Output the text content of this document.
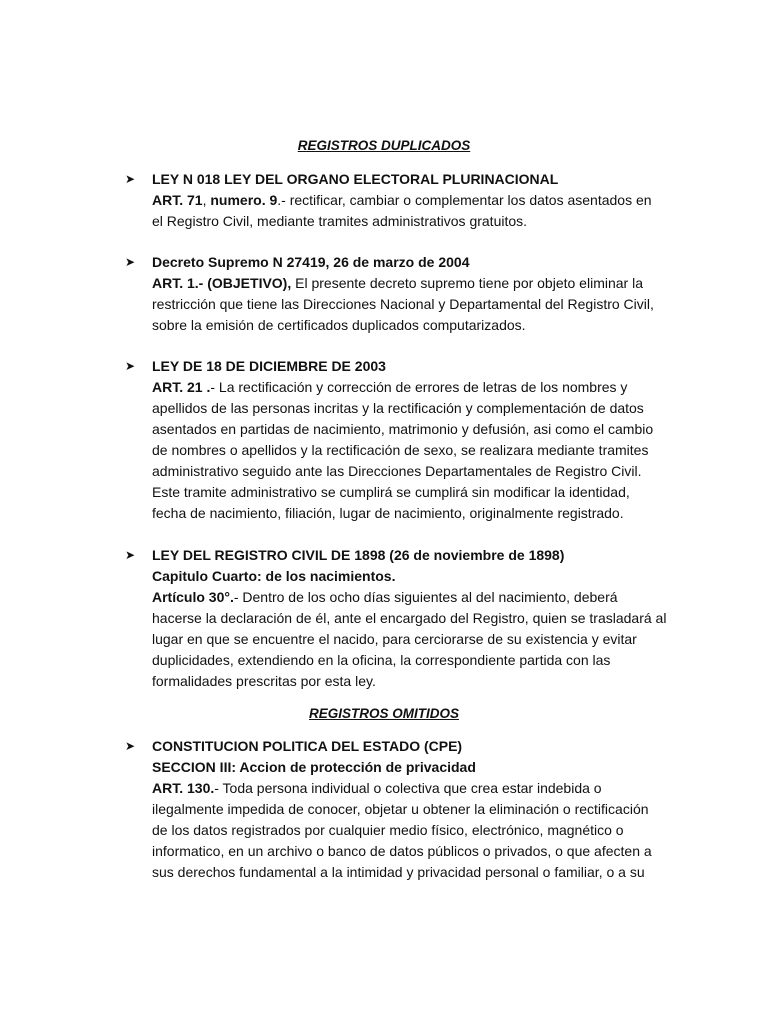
REGISTROS DUPLICADOS
➤ LEY N 018 LEY DEL ORGANO ELECTORAL PLURINACIONAL
ART. 71, numero. 9.- rectificar, cambiar o complementar los datos asentados en
el Registro Civil, mediante tramites administrativos gratuitos.
➤ Decreto Supremo N 27419, 26 de marzo de 2004
ART. 1.- (OBJETIVO), El presente decreto supremo tiene por objeto eliminar la
restricción que tiene las Direcciones Nacional y Departamental del Registro Civil,
sobre la emisión de certificados duplicados computarizados.
➤ LEY DE 18 DE DICIEMBRE DE 2003
ART. 21 .- La rectificación y corrección de errores de letras de los nombres y
apellidos de las personas incritas y la rectificación y complementación de datos
asentados en partidas de nacimiento, matrimonio y defusión, asi como el cambio
de nombres o apellidos y la rectificación de sexo, se realizara mediante tramites
administrativo seguido ante las Direcciones Departamentales de Registro Civil.
Este tramite administrativo se cumplirá se cumplirá sin modificar la identidad,
fecha de nacimiento, filiación, lugar de nacimiento, originalmente registrado.
➤ LEY DEL REGISTRO CIVIL DE 1898 (26 de noviembre de 1898)
Capitulo Cuarto: de los nacimientos.
Artículo 30°.- Dentro de los ocho días siguientes al del nacimiento, deberá
hacerse la declaración de él, ante el encargado del Registro, quien se trasladará al
lugar en que se encuentre el nacido, para cerciorarse de su existencia y evitar
duplicidades, extendiendo en la oficina, la correspondiente partida con las
formalidades prescritas por esta ley.
REGISTROS OMITIDOS
➤ CONSTITUCION POLITICA DEL ESTADO (CPE)
SECCION III: Accion de protección de privacidad
ART. 130.- Toda persona individual o colectiva que crea estar indebida o
ilegalmente impedida de conocer, objetar u obtener la eliminación o rectificación
de los datos registrados por cualquier medio físico, electrónico, magnético o
informatico, en un archivo o banco de datos públicos o privados, o que afecten a
sus derechos fundamental a la intimidad y privacidad personal o familiar, o a su
